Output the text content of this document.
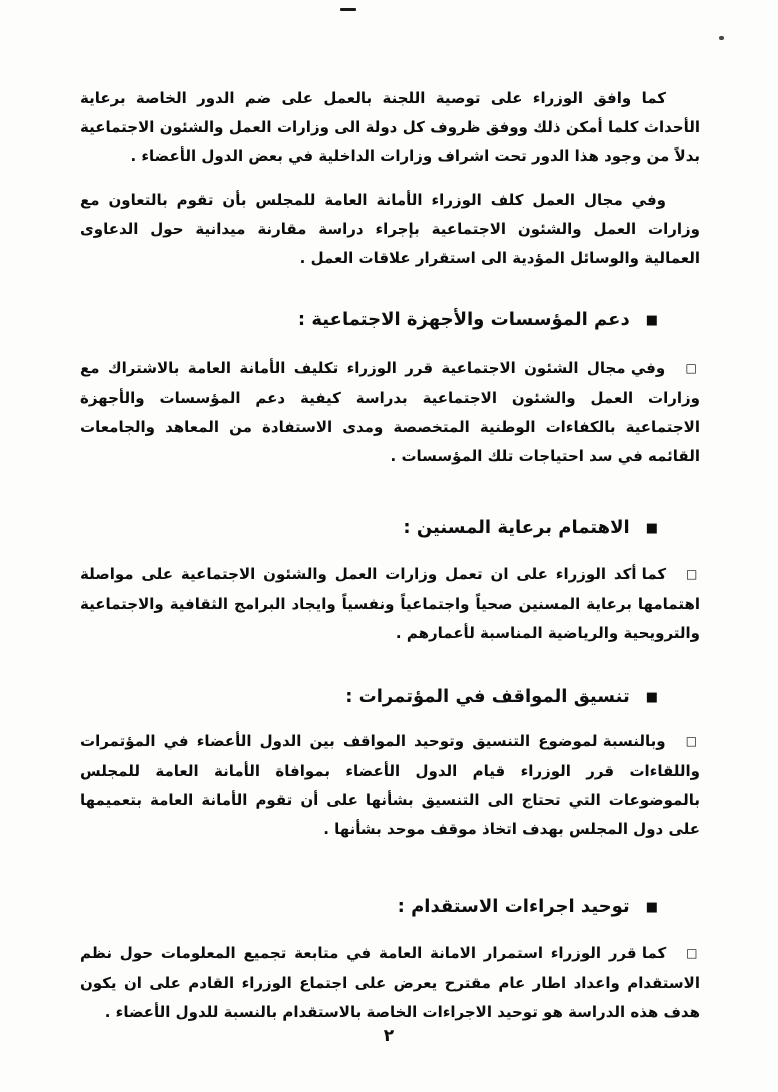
كما وافق الوزراء على توصية اللجنة بالعمل على ضم الدور الخاصة برعاية الأحداث كلما أمكن ذلك ووفق ظروف كل دولة الى وزارات العمل والشئون الاجتماعية بدلاً من وجود هذا الدور تحت اشراف وزارات الداخلية في بعض الدول الأعضاء .

وفي مجال العمل كلف الوزراء الأمانة العامة للمجلس بأن تقوم بالتعاون مع وزارات العمل والشئون الاجتماعية بإجراء دراسة مقارنة ميدانية حول الدعاوى العمالية والوسائل المؤدية الى استقرار علاقات العمل .

■
دعم المؤسسات والأجهزة الاجتماعية :

□ وفي مجال الشئون الاجتماعية قرر الوزراء تكليف الأمانة العامة بالاشتراك مع وزارات العمل والشئون الاجتماعية بدراسة كيفية دعم المؤسسات والأجهزة الاجتماعية بالكفاءات الوطنية المتخصصة ومدى الاستفادة من المعاهد والجامعات القائمه في سد احتياجات تلك المؤسسات .

■
الاهتمام برعاية المسنين :

□ كما أكد الوزراء على ان تعمل وزارات العمل والشئون الاجتماعية على مواصلة اهتمامها برعاية المسنين صحياً واجتماعياً ونفسياً وايجاد البرامج الثقافية والاجتماعية والترويحية والرياضية المناسبة لأعمارهم .

■
تنسيق المواقف في المؤتمرات :

□ وبالنسبة لموضوع التنسيق وتوحيد المواقف بين الدول الأعضاء في المؤتمرات واللقاءات قرر الوزراء قيام الدول الأعضاء بموافاة الأمانة العامة للمجلس بالموضوعات التي تحتاج الى التنسيق بشأنها على أن تقوم الأمانة العامة بتعميمها على دول المجلس بهدف اتخاذ موقف موحد بشأنها .

■
توحيد اجراءات الاستقدام :

□ كما قرر الوزراء استمرار الامانة العامة في متابعة تجميع المعلومات حول نظم الاستقدام واعداد اطار عام مقترح يعرض على اجتماع الوزراء القادم على ان يكون هدف هذه الدراسة هو توحيد الاجراءات الخاصة بالاستقدام بالنسبة للدول الأعضاء .

٢
